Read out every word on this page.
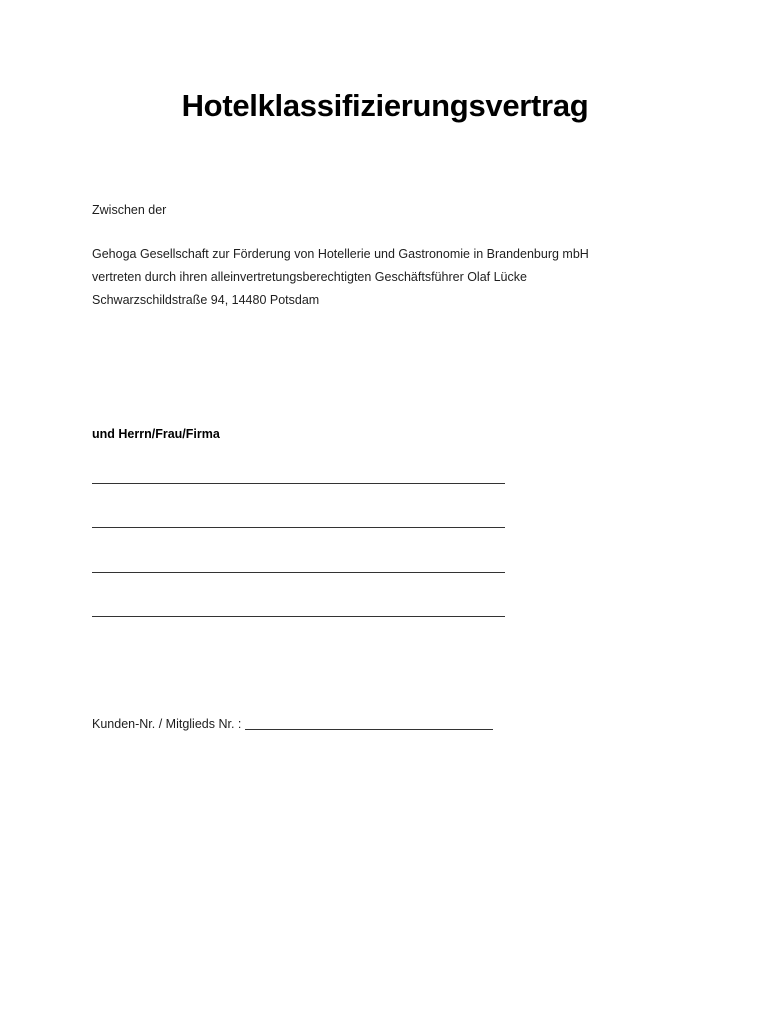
Hotelklassifizierungsvertrag
Zwischen der
Gehoga Gesellschaft zur Förderung von Hotellerie und Gastronomie in Brandenburg mbH
vertreten durch ihren alleinvertretungsberechtigten Geschäftsführer Olaf Lücke
Schwarzschildstraße 94, 14480 Potsdam
und Herrn/Frau/Firma
Kunden-Nr. / Mitglieds Nr. :
